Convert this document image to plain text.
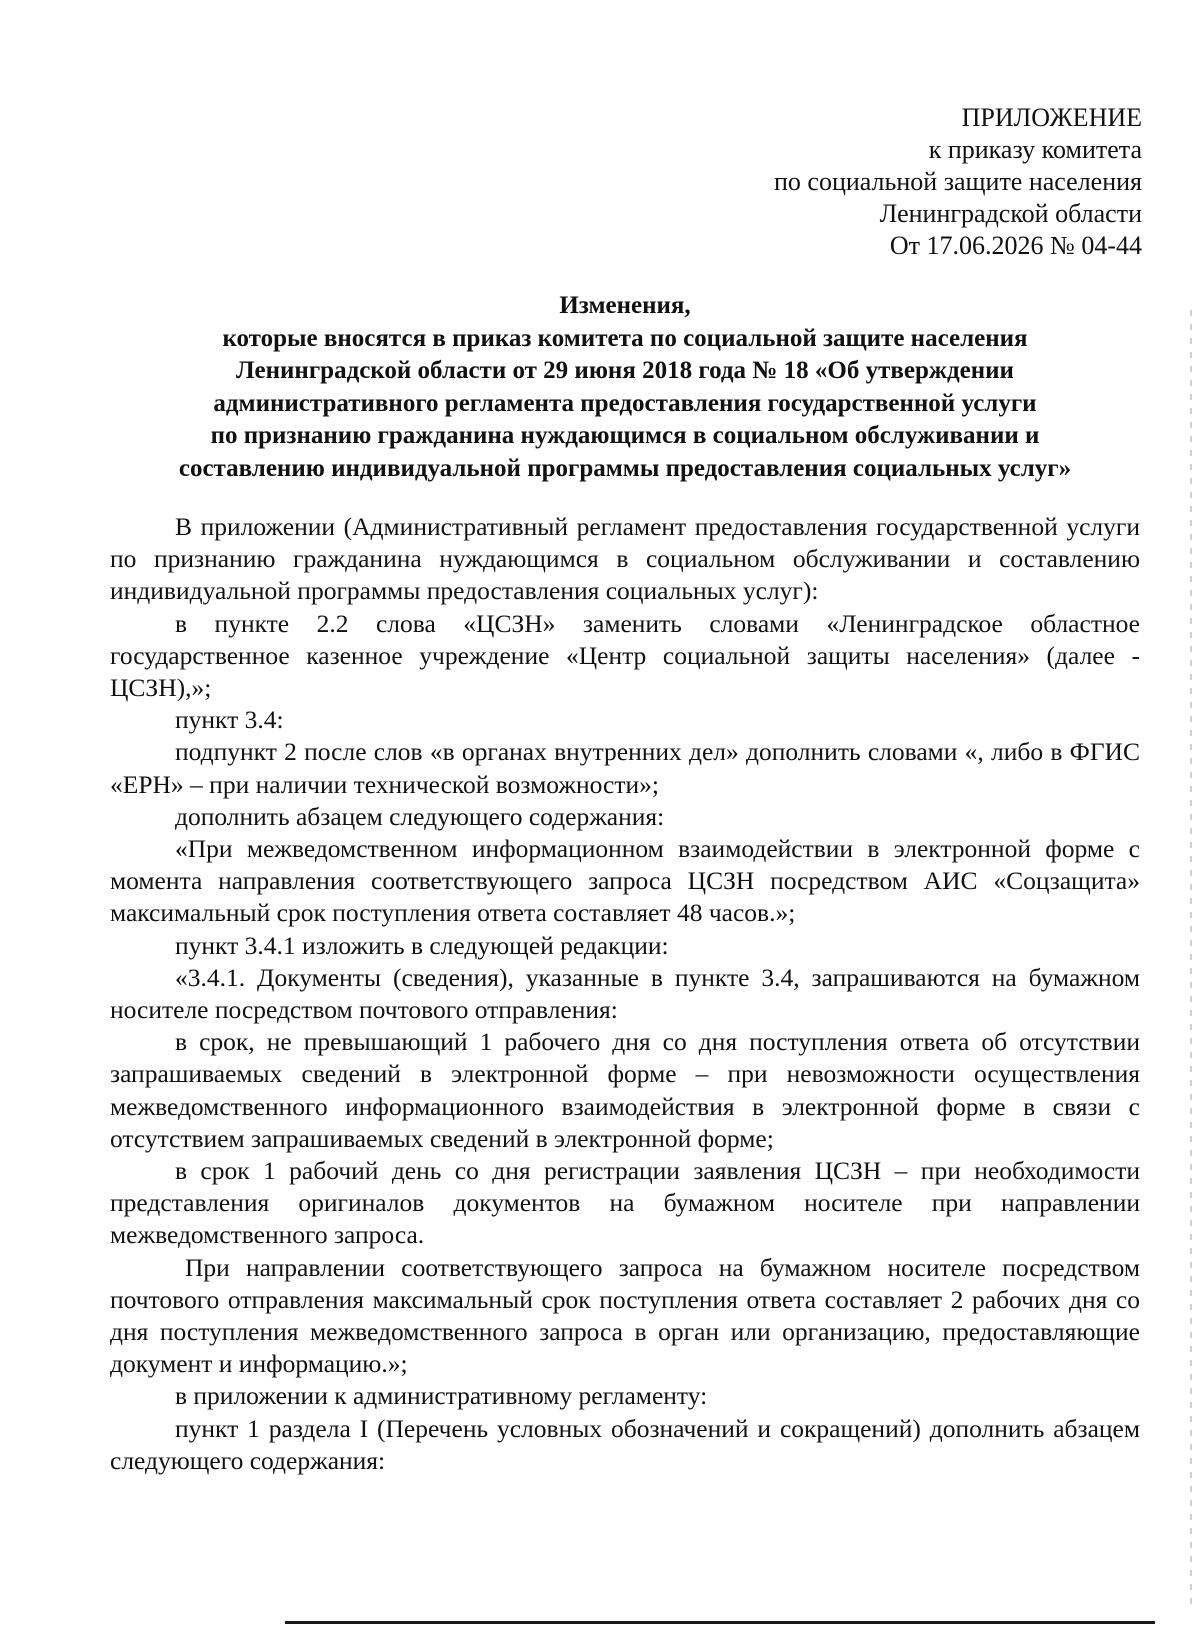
ПРИЛОЖЕНИЕ
к приказу комитета
по социальной защите населения
Ленинградской области
От 17.06.2026 № 04-44
Изменения,
которые вносятся в приказ комитета по социальной защите населения
Ленинградской области от 29 июня 2018 года № 18 «Об утверждении
административного регламента предоставления государственной услуги
по признанию гражданина нуждающимся в социальном обслуживании и
составлению индивидуальной программы предоставления социальных услуг»

В приложении (Административный регламент предоставления государственной услуги по признанию гражданина нуждающимся в социальном обслуживании и составлению индивидуальной программы предоставления социальных услуг):

в пункте 2.2 слова «ЦСЗН» заменить словами «Ленинградское областное государственное казенное учреждение «Центр социальной защиты населения» (далее - ЦСЗН),»;

пункт 3.4:

подпункт 2 после слов «в органах внутренних дел» дополнить словами «, либо в ФГИС «ЕРН» – при наличии технической возможности»;

дополнить абзацем следующего содержания:

«При межведомственном информационном взаимодействии в электронной форме с момента направления соответствующего запроса ЦСЗН посредством АИС «Соцзащита» максимальный срок поступления ответа составляет 48 часов.»;

пункт 3.4.1 изложить в следующей редакции:

«3.4.1. Документы (сведения), указанные в пункте 3.4, запрашиваются на бумажном носителе посредством почтового отправления:

в срок, не превышающий 1 рабочего дня со дня поступления ответа об отсутствии запрашиваемых сведений в электронной форме – при невозможности осуществления межведомственного информационного взаимодействия в электронной форме в связи с отсутствием запрашиваемых сведений в электронной форме;

в срок 1 рабочий день со дня регистрации заявления ЦСЗН – при необходимости представления оригиналов документов на бумажном носителе при направлении межведомственного запроса.

При направлении соответствующего запроса на бумажном носителе посредством почтового отправления максимальный срок поступления ответа составляет 2 рабочих дня со дня поступления межведомственного запроса в орган или организацию, предоставляющие документ и информацию.»;

в приложении к административному регламенту:

пункт 1 раздела I (Перечень условных обозначений и сокращений) дополнить абзацем следующего содержания:
